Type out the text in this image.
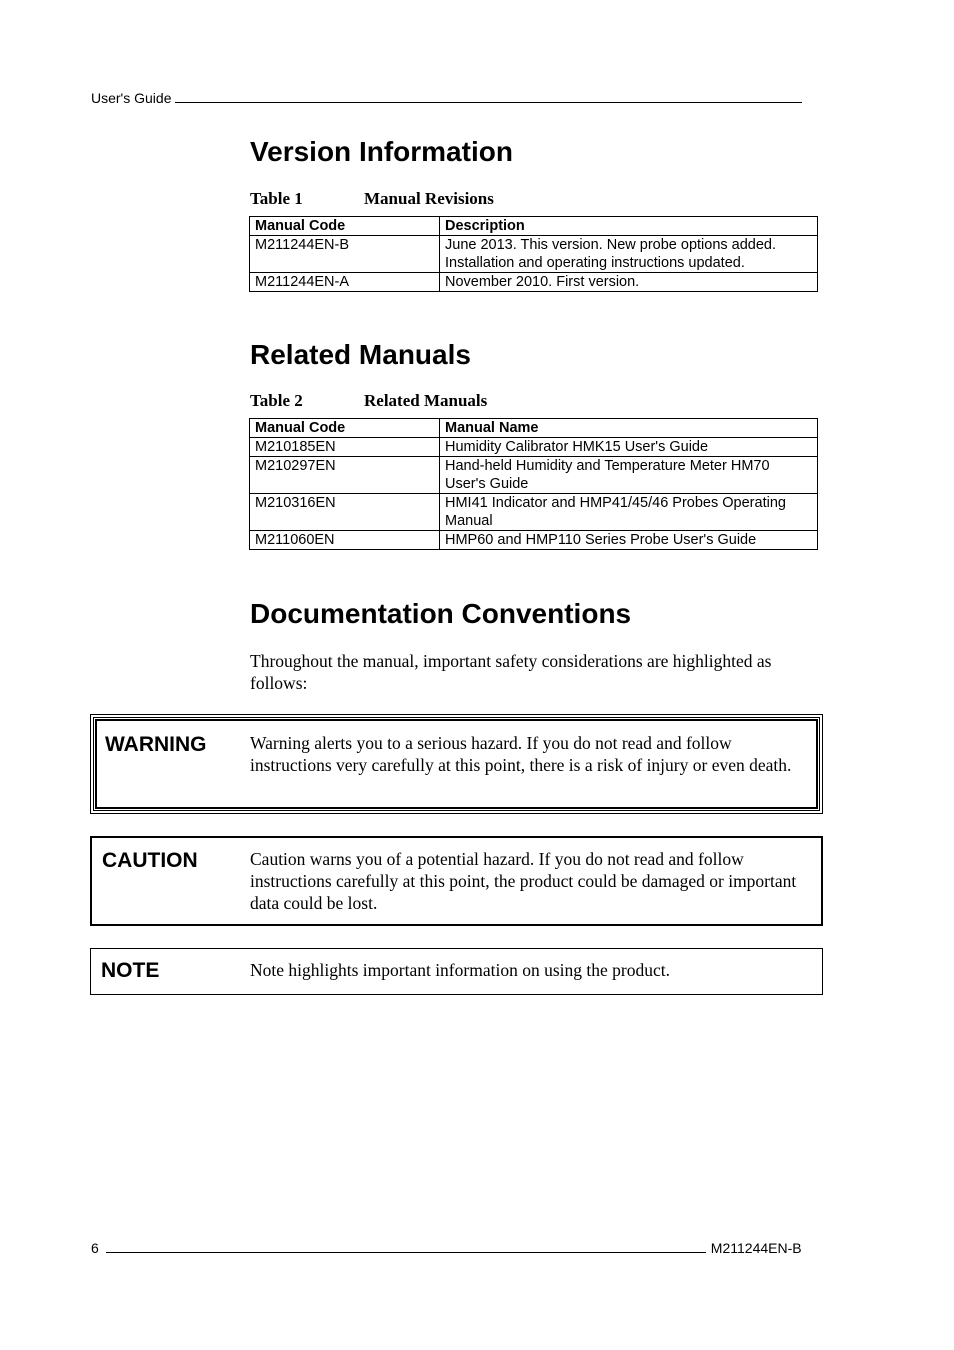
User's Guide
Version Information
Table 1	Manual Revisions
Manual Code	Description
M211244EN-B	June 2013. This version. New probe options added. Installation and operating instructions updated.
M211244EN-A	November 2010. First version.
Related Manuals
Table 2	Related Manuals
Manual Code	Manual Name
M210185EN	Humidity Calibrator HMK15 User's Guide
M210297EN	Hand-held Humidity and Temperature Meter HM70 User's Guide
M210316EN	HMI41 Indicator and HMP41/45/46 Probes Operating Manual
M211060EN	HMP60 and HMP110 Series Probe User's Guide
Documentation Conventions
Throughout the manual, important safety considerations are highlighted as follows:
WARNING Warning alerts you to a serious hazard. If you do not read and follow instructions very carefully at this point, there is a risk of injury or even death.
CAUTION	Caution warns you of a potential hazard. If you do not read and follow instructions carefully at this point, the product could be damaged or important data could be lost.
NOTE	Note highlights important information on using the product.
6	M211244EN-B
